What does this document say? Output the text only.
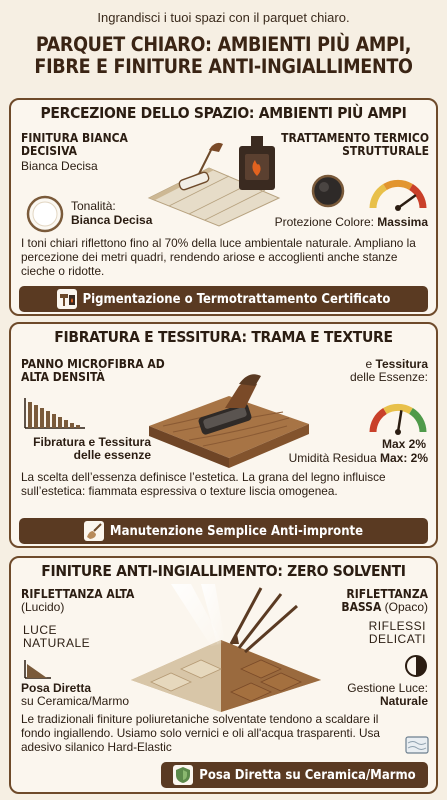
Ingrandisci i tuoi spazi con il parquet chiaro.
PARQUET CHIARO: AMBIENTI PIÙ AMPI,
FIBRE E FINITURE ANTI-INGIALLIMENTO
PERCEZIONE DELLO SPAZIO: AMBIENTI PIÙ AMPI
FINITURA BIANCA DECISIVA
Bianca Decisa
TRATTAMENTO TERMICO STRUTTURALE
Tonalità:
Bianca Decisa	Protezione Colore: Massima
I toni chiari riflettono fino al 70% della luce ambientale naturale. Ampliano la percezione dei metri quadri, rendendo ariose e accoglienti anche stanze cieche o ridotte.
Pigmentazione o Termotrattamento Certificato
FIBRATURA E TESSITURA: TRAMA E TEXTURE
PANNO MICROFIBRA AD ALTA DENSITÀ
e Tessitura
delle Essenze:
Fibratura e Tessitura delle essenze
Max 2%
Umidità Residua Max: 2%
La scelta dell’essenza definisce l’estetica. La grana del legno influisce sull’estetica: fiammata espressiva o texture liscia omogenea.
Manutenzione Semplice Anti-impronte
FINITURE ANTI-INGIALLIMENTO: ZERO SOLVENTI
RIFLETTANZA ALTA (Lucido)
RIFLETTANZA BASSA (Opaco)
LUCE NATURALE
RIFLESSI DELICATI
Posa Diretta
su Ceramica/Marmo
Gestione Luce:
Naturale
Le tradizionali finiture poliuretaniche solventate tendono a scaldare il fondo ingiallendo. Usiamo solo vernici e oli all'acqua trasparenti. Usa adesivo silanico Hard-Elastic
Posa Diretta su Ceramica/Marmo
